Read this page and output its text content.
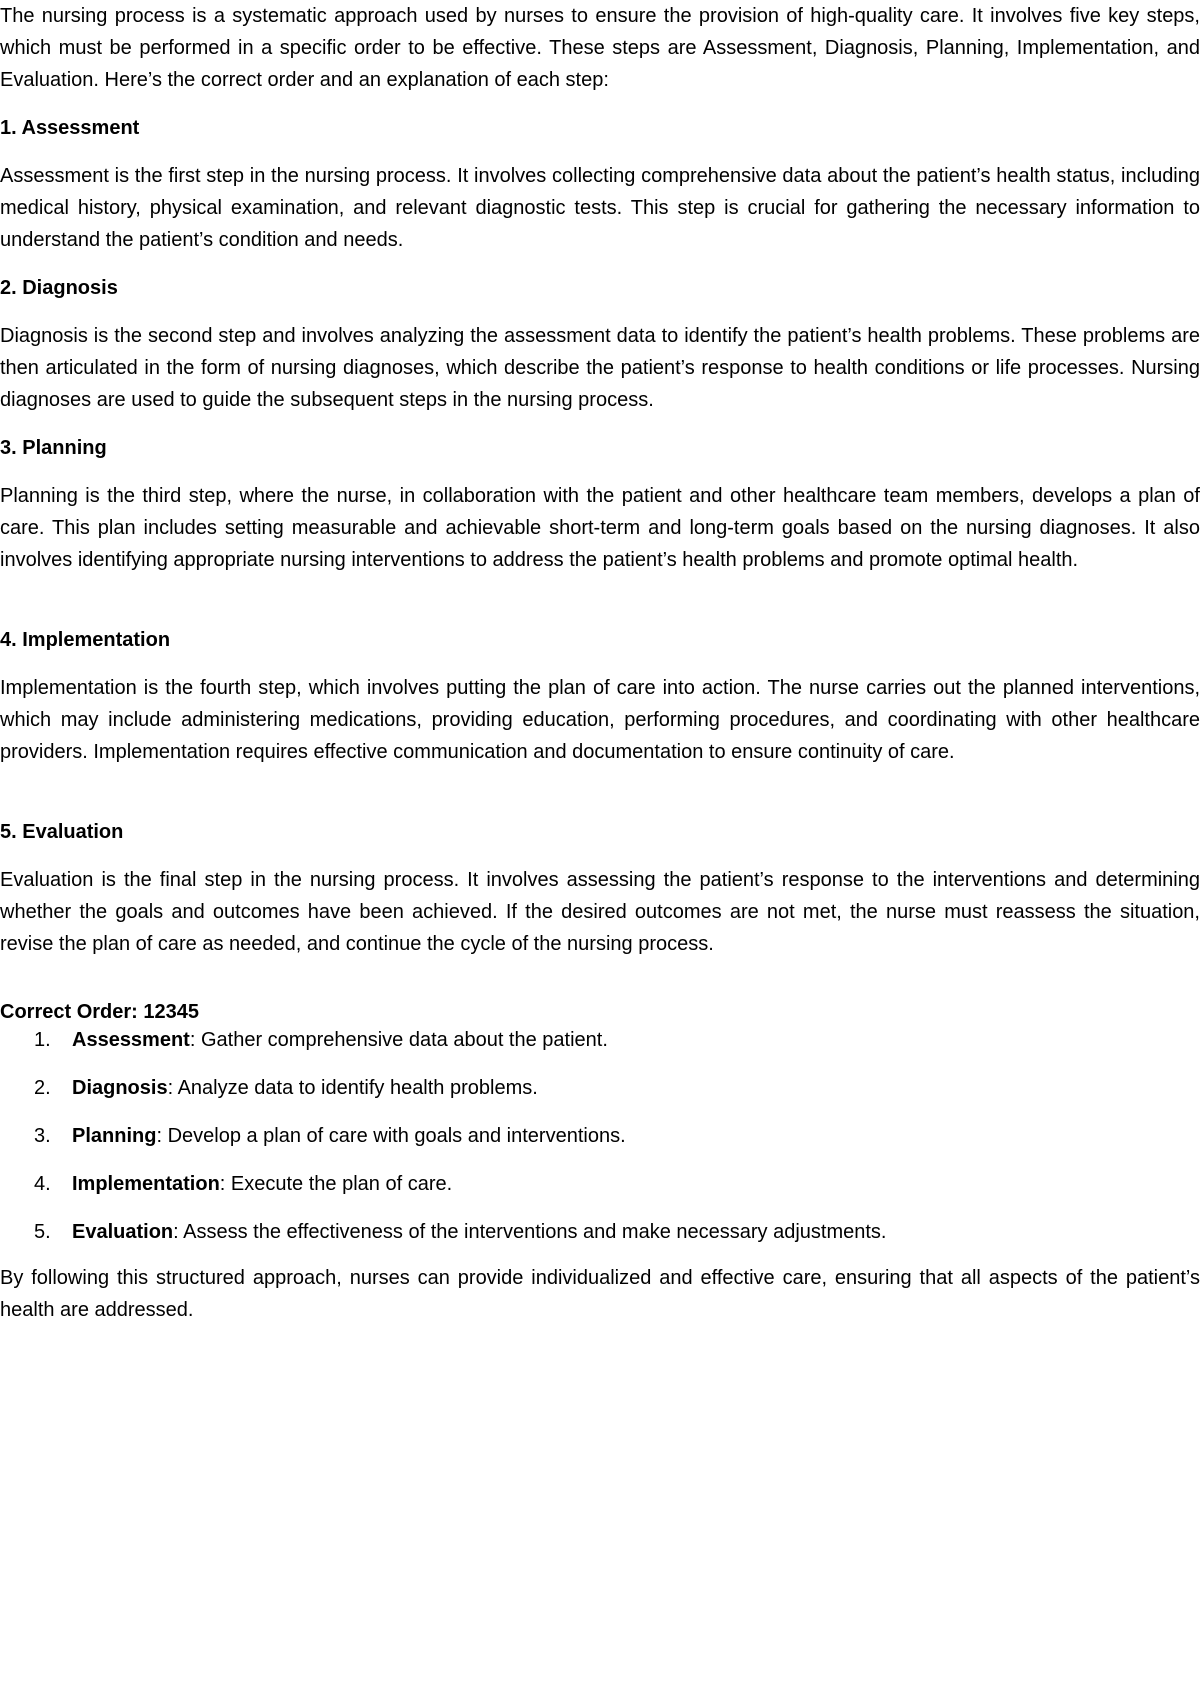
The nursing process is a systematic approach used by nurses to ensure the provision of high-quality care. It involves five key steps, which must be performed in a specific order to be effective. These steps are Assessment, Diagnosis, Planning, Implementation, and Evaluation. Here’s the correct order and an explanation of each step:

1. Assessment

Assessment is the first step in the nursing process. It involves collecting comprehensive data about the patient’s health status, including medical history, physical examination, and relevant diagnostic tests. This step is crucial for gathering the necessary information to understand the patient’s condition and needs.

2. Diagnosis

Diagnosis is the second step and involves analyzing the assessment data to identify the patient’s health problems. These problems are then articulated in the form of nursing diagnoses, which describe the patient’s response to health conditions or life processes. Nursing diagnoses are used to guide the subsequent steps in the nursing process.

3. Planning

Planning is the third step, where the nurse, in collaboration with the patient and other healthcare team members, develops a plan of care. This plan includes setting measurable and achievable short-term and long-term goals based on the nursing diagnoses. It also involves identifying appropriate nursing interventions to address the patient’s health problems and promote optimal health.

4. Implementation

Implementation is the fourth step, which involves putting the plan of care into action. The nurse carries out the planned interventions, which may include administering medications, providing education, performing procedures, and coordinating with other healthcare providers. Implementation requires effective communication and documentation to ensure continuity of care.

5. Evaluation

Evaluation is the final step in the nursing process. It involves assessing the patient’s response to the interventions and determining whether the goals and outcomes have been achieved. If the desired outcomes are not met, the nurse must reassess the situation, revise the plan of care as needed, and continue the cycle of the nursing process.

Correct Order: 12345

1. Assessment: Gather comprehensive data about the patient.
2. Diagnosis: Analyze data to identify health problems.
3. Planning: Develop a plan of care with goals and interventions.
4. Implementation: Execute the plan of care.
5. Evaluation: Assess the effectiveness of the interventions and make necessary adjustments.

By following this structured approach, nurses can provide individualized and effective care, ensuring that all aspects of the patient’s health are addressed.
